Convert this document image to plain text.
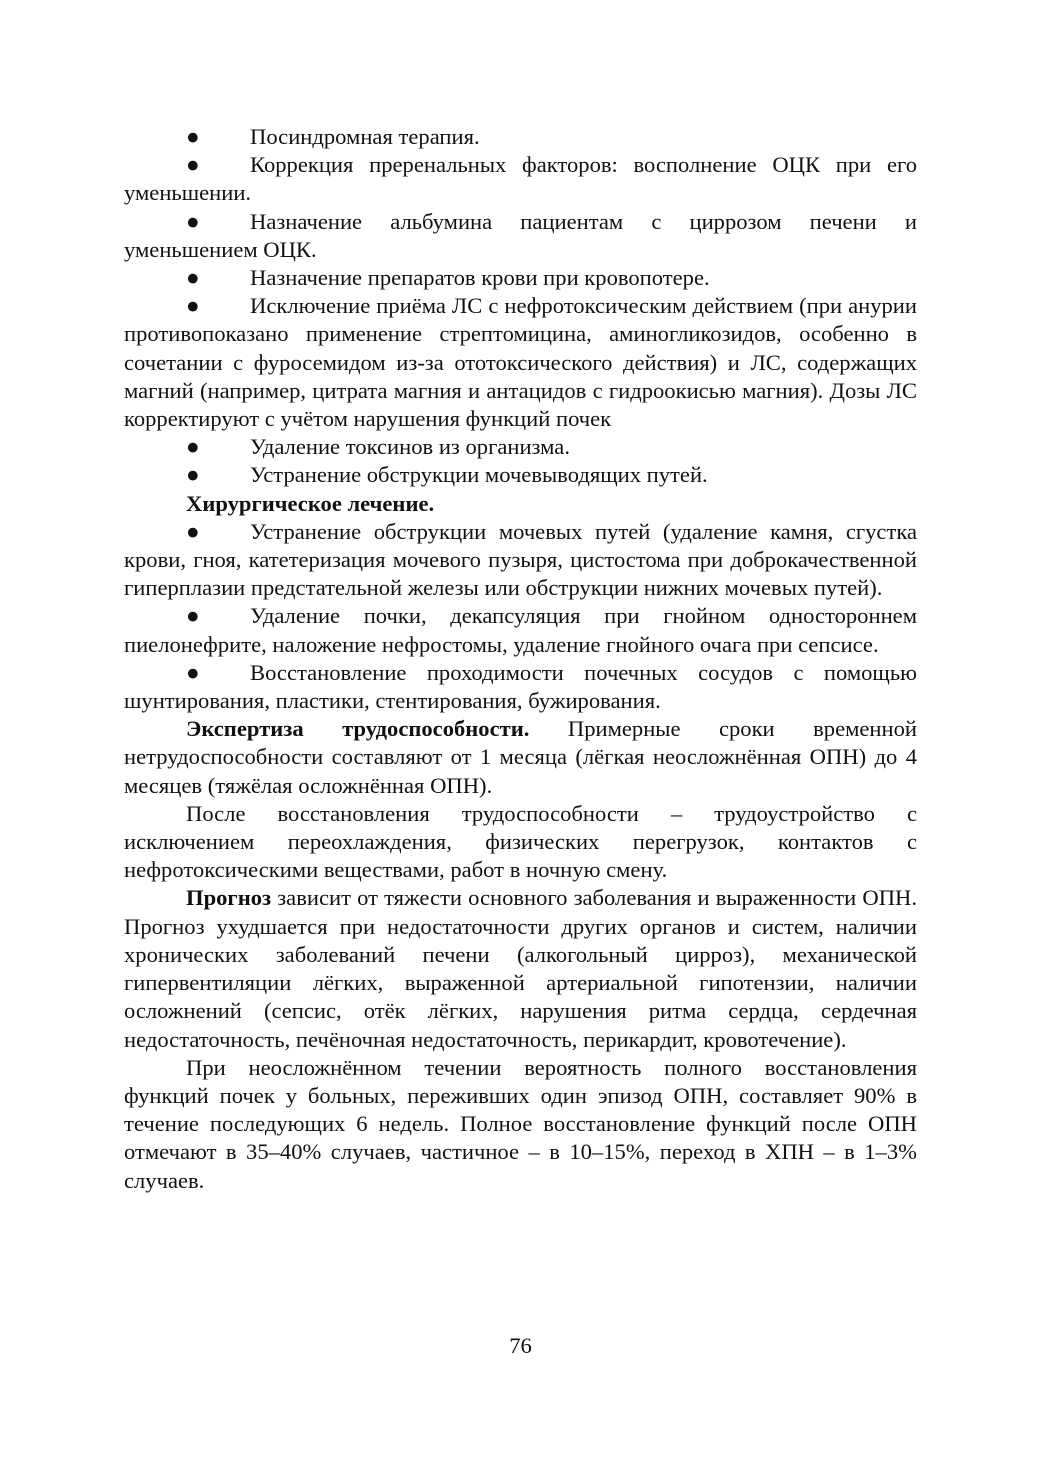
● Посиндромная терапия.

● Коррекция преренальных факторов: восполнение ОЦК при его уменьшении.

● Назначение альбумина пациентам с циррозом печени и уменьшением ОЦК.

● Назначение препаратов крови при кровопотере.

● Исключение приёма ЛС с нефротоксическим действием (при анурии противопоказано применение стрептомицина, аминогликозидов, особенно в сочетании с фуросемидом из-за ототоксического действия) и ЛС, содержащих магний (например, цитрата магния и антацидов с гидроокисью магния). Дозы ЛС корректируют с учётом нарушения функций почек

● Удаление токсинов из организма.

● Устранение обструкции мочевыводящих путей.

Хирургическое лечение.

● Устранение обструкции мочевых путей (удаление камня, сгустка крови, гноя, катетеризация мочевого пузыря, цистостома при доброкачественной гиперплазии предстательной железы или обструкции нижних мочевых путей).

● Удаление почки, декапсуляция при гнойном одностороннем пиелонефрите, наложение нефростомы, удаление гнойного очага при сепсисе.

● Восстановление проходимости почечных сосудов с помощью шунтирования, пластики, стентирования, бужирования.

Экспертиза трудоспособности. Примерные сроки временной нетрудоспособности составляют от 1 месяца (лёгкая неосложнённая ОПН) до 4 месяцев (тяжёлая осложнённая ОПН).

После восстановления трудоспособности – трудоустройство с исключением переохлаждения, физических перегрузок, контактов с нефротоксическими веществами, работ в ночную смену.

Прогноз зависит от тяжести основного заболевания и выраженности ОПН. Прогноз ухудшается при недостаточности других органов и систем, наличии хронических заболеваний печени (алкогольный цирроз), механической гипервентиляции лёгких, выраженной артериальной гипотензии, наличии осложнений (сепсис, отёк лёгких, нарушения ритма сердца, сердечная недостаточность, печёночная недостаточность, перикардит, кровотечение).

При неосложнённом течении вероятность полного восстановления функций почек у больных, переживших один эпизод ОПН, составляет 90% в течение последующих 6 недель. Полное восстановление функций после ОПН отмечают в 35–40% случаев, частичное – в 10–15%, переход в ХПН – в 1–3% случаев.

76
